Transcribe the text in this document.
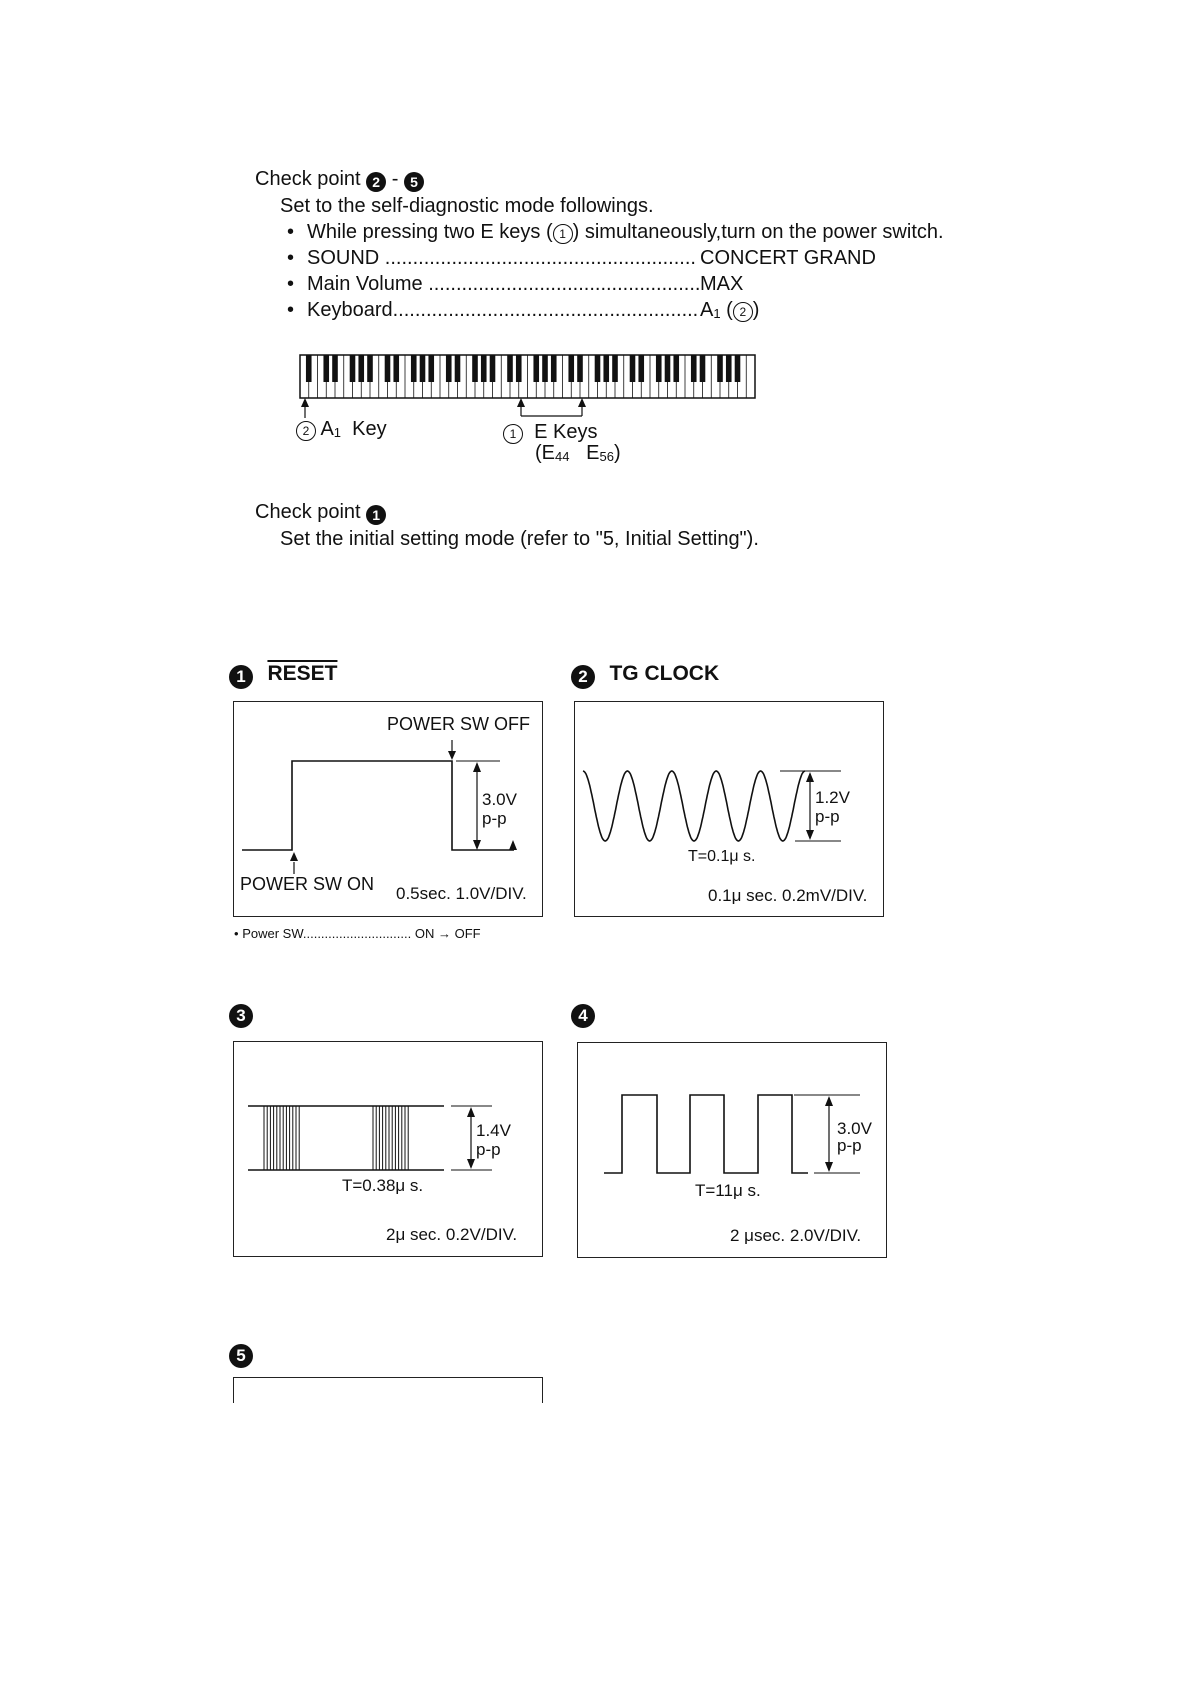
Check point 2 - 5
Set to the self-diagnostic mode followings.
• While pressing two E keys ( 1 ) simultaneously,turn on the power switch.
• SOUND ........................................................ CONCERT GRAND
• Main Volume ................................................. MAX
• Keyboard....................................................... A1 ( 2 )
2 A1 Key	1 E Keys
(E44 E56)
Check point 1
Set the initial setting mode (refer to "5, Initial Setting").
1 RESET
POWER SW OFF
3.0V
p-p
POWER SW ON 0.5sec. 1.0V/DIV.
• Power SW.............................. ON → OFF
2 TG CLOCK
1.2V
p-p
T=0.1μ s.
0.1μ sec. 0.2mV/DIV.
3
1.4V
p-p
T=0.38μ s.
2μ sec. 0.2V/DIV.
4
3.0V
p-p
T=11μ s.
2 μsec. 2.0V/DIV.
5
